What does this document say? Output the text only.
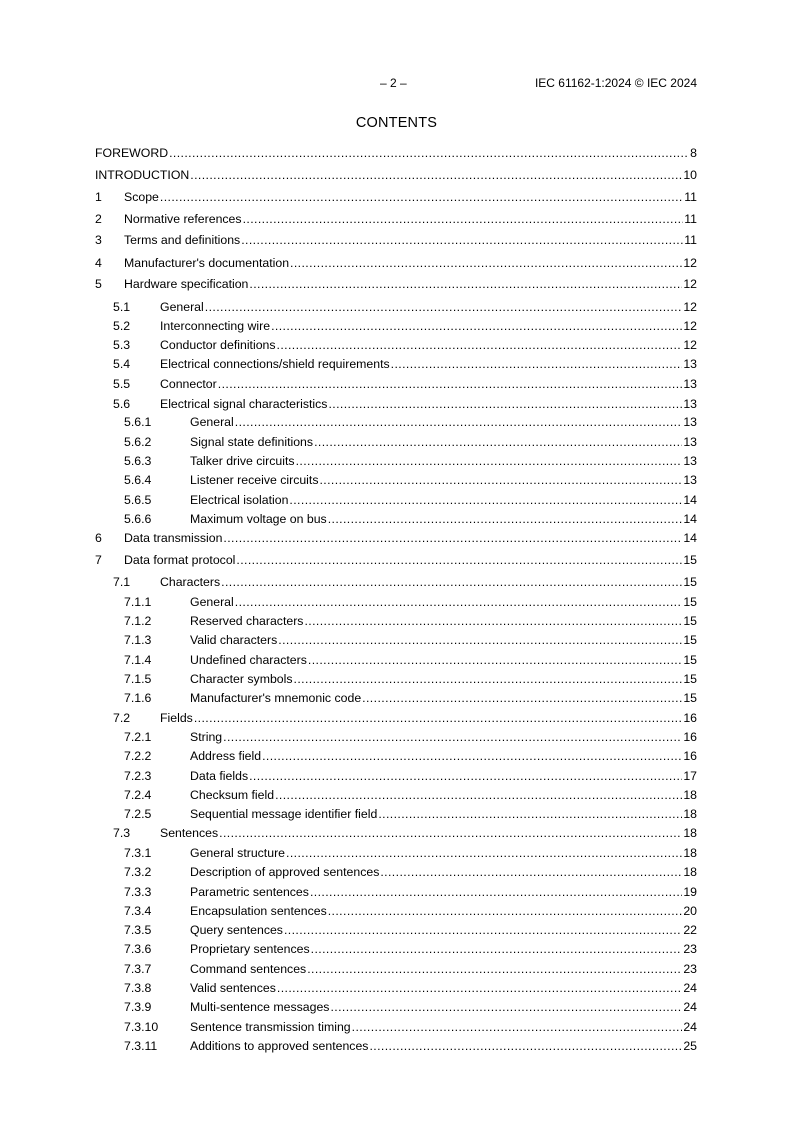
– 2 –	IEC 61162-1:2024 © IEC 2024
CONTENTS
FOREWORD .....	8
INTRODUCTION .....	10
1 Scope .....	11
2 Normative references .....	11
3 Terms and definitions .....	11
4 Manufacturer's documentation .....	12
5 Hardware specification .....	12
5.1 General .....	12
5.2 Interconnecting wire .....	12
5.3 Conductor definitions .....	12
5.4 Electrical connections/shield requirements .....	13
5.5 Connector .....	13
5.6 Electrical signal characteristics .....	13
5.6.1	General .....	13
5.6.2	Signal state definitions .....	13
5.6.3	Talker drive circuits .....	13
5.6.4	Listener receive circuits .....	13
5.6.5	Electrical isolation .....	14
5.6.6	Maximum voltage on bus .....	14
6 Data transmission .....	14
7 Data format protocol .....	15
7.1 Characters .....	15
7.1.1	General .....	15
7.1.2	Reserved characters .....	15
7.1.3	Valid characters .....	15
7.1.4	Undefined characters .....	15
7.1.5	Character symbols .....	15
7.1.6	Manufacturer's mnemonic code .....	15
7.2 Fields .....	16
7.2.1	String .....	16
7.2.2	Address field .....	16
7.2.3	Data fields .....	17
7.2.4	Checksum field .....	18
7.2.5	Sequential message identifier field .....	18
7.3 Sentences .....	18
7.3.1	General structure .....	18
7.3.2	Description of approved sentences .....	18
7.3.3	Parametric sentences .....	19
7.3.4	Encapsulation sentences .....	20
7.3.5	Query sentences .....	22
7.3.6	Proprietary sentences .....	23
7.3.7	Command sentences .....	23
7.3.8	Valid sentences .....	24
7.3.9	Multi-sentence messages .....	24
7.3.10	Sentence transmission timing .....	24
7.3.11	Additions to approved sentences .....	25
